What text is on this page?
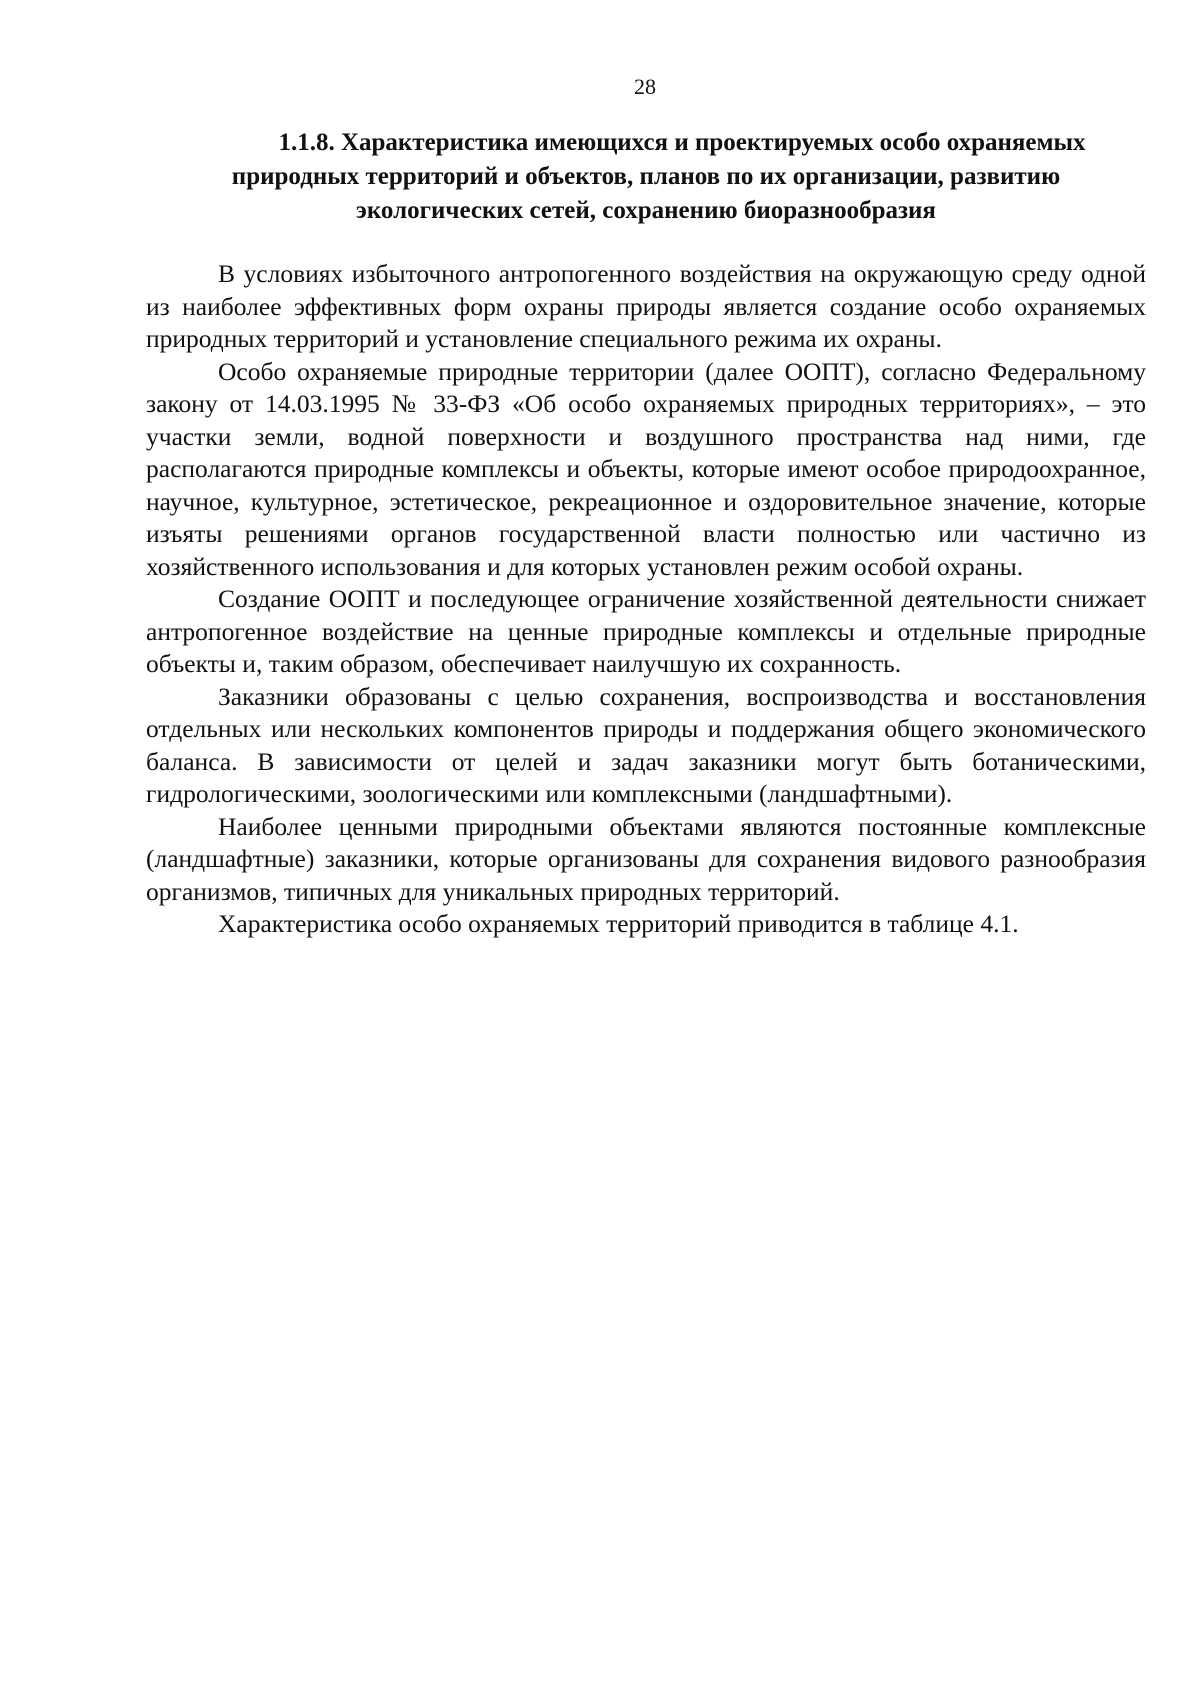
28
1.1.8. Характеристика имеющихся и проектируемых особо охраняемых природных территорий и объектов, планов по их организации, развитию экологических сетей, сохранению биоразнообразия

В условиях избыточного антропогенного воздействия на окружающую среду одной из наиболее эффективных форм охраны природы является создание особо охраняемых природных территорий и установление специального режима их охраны.

Особо охраняемые природные территории (далее ООПТ), согласно Федеральному закону от 14.03.1995 № 33-ФЗ «Об особо охраняемых природных территориях», – это участки земли, водной поверхности и воздушного пространства над ними, где располагаются природные комплексы и объекты, которые имеют особое природоохранное, научное, культурное, эстетическое, рекреационное и оздоровительное значение, которые изъяты решениями органов государственной власти полностью или частично из хозяйственного использования и для которых установлен режим особой охраны.

Создание ООПТ и последующее ограничение хозяйственной деятельности снижает антропогенное воздействие на ценные природные комплексы и отдельные природные объекты и, таким образом, обеспечивает наилучшую их сохранность.

Заказники образованы с целью сохранения, воспроизводства и восстановления отдельных или нескольких компонентов природы и поддержания общего экономического баланса. В зависимости от целей и задач заказники могут быть ботаническими, гидрологическими, зоологическими или комплексными (ландшафтными).

Наиболее ценными природными объектами являются постоянные комплексные (ландшафтные) заказники, которые организованы для сохранения видового разнообразия организмов, типичных для уникальных природных территорий.

Характеристика особо охраняемых территорий приводится в таблице 4.1.
